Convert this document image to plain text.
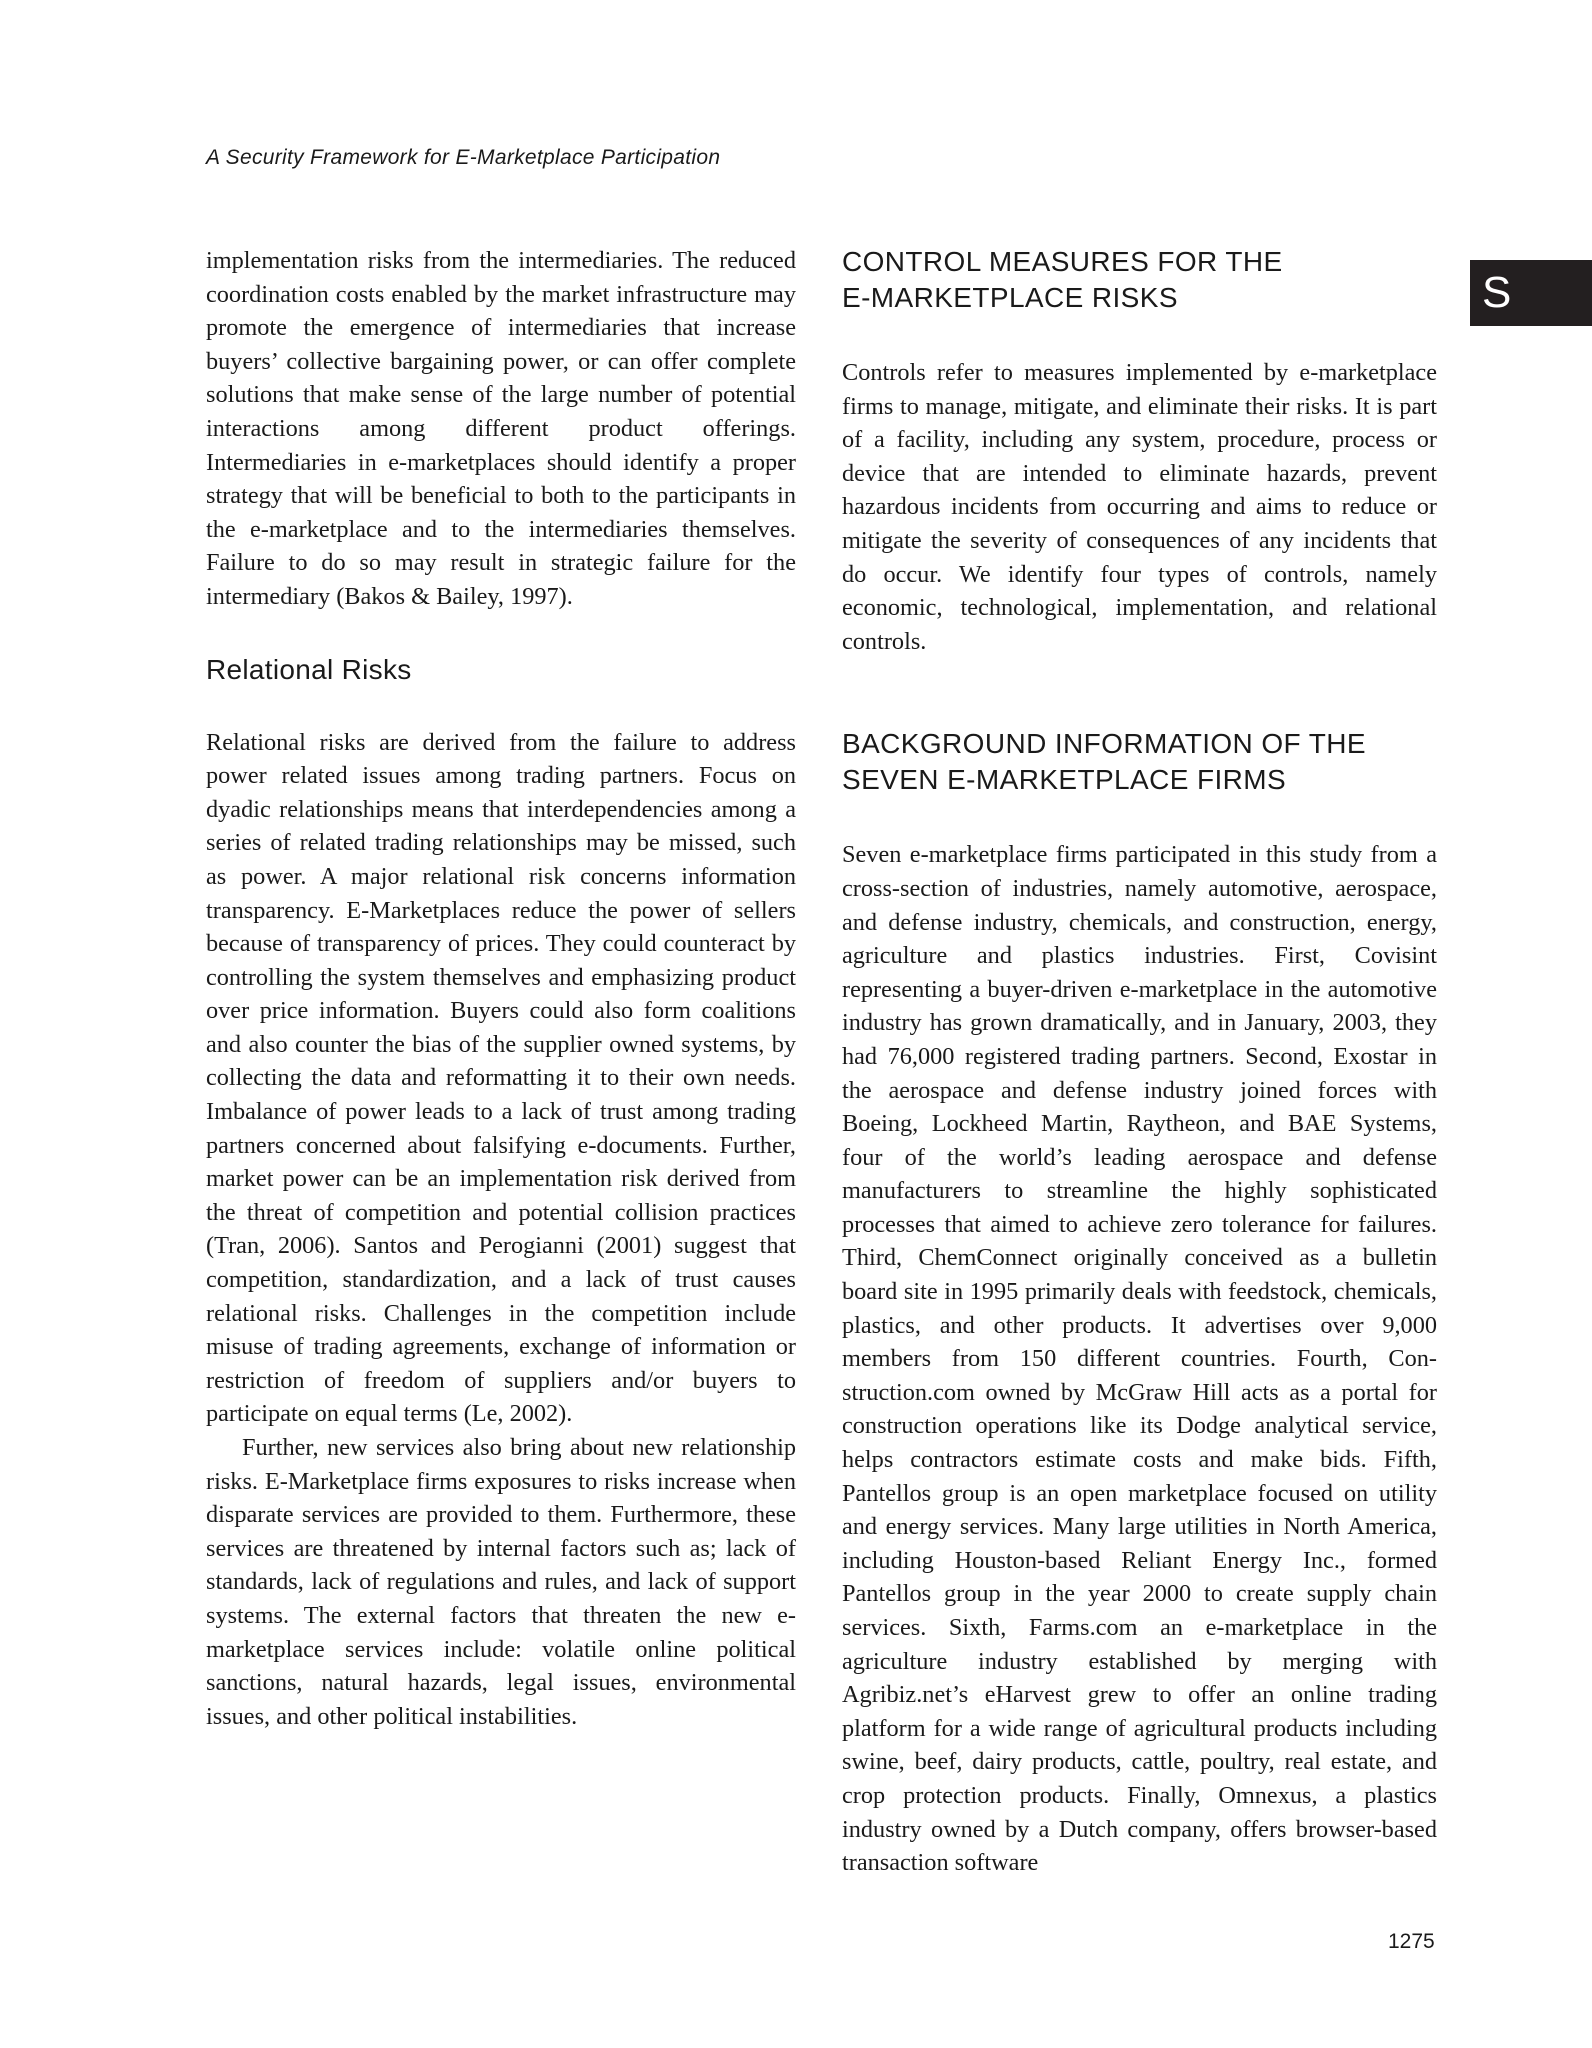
A Security Framework for E-Marketplace Participation

S

implementation risks from the intermediaries. The reduced coordination costs enabled by the market infrastructure may promote the emergence of intermediaries that increase buyers’ collective bargaining power, or can offer complete solutions that make sense of the large number of potential interactions among different product offerings. Intermediaries in e-marketplaces should identify a proper strategy that will be beneficial to both to the participants in the e-marketplace and to the intermediaries themselves. Failure to do so may result in strategic failure for the intermediary (Bakos & Bailey, 1997).

Relational Risks

Relational risks are derived from the failure to address power related issues among trading partners. Focus on dyadic relationships means that interdependencies among a series of related trading relationships may be missed, such as power. A major relational risk concerns information transparency. E-Marketplaces reduce the power of sellers because of transparency of prices. They could counteract by controlling the system themselves and emphasizing product over price information. Buyers could also form coalitions and also counter the bias of the supplier owned systems, by collecting the data and reformatting it to their own needs. Imbalance of power leads to a lack of trust among trading partners concerned about falsifying e-documents. Further, market power can be an implementation risk derived from the threat of competition and potential collision practices (Tran, 2006). Santos and Perogianni (2001) suggest that competition, standardization, and a lack of trust causes relational risks. Challenges in the competition include misuse of trading agreements, exchange of information or restriction of freedom of suppliers and/or buyers to participate on equal terms (Le, 2002).

Further, new services also bring about new relationship risks. E-Marketplace firms exposures to risks increase when disparate services are provided to them. Furthermore, these services are threatened by internal factors such as; lack of standards, lack of regulations and rules, and lack of support systems. The external factors that threaten the new e-marketplace services include: volatile online political sanctions, natural hazards, legal issues, environmental issues, and other political instabilities.

CONTROL MEASURES FOR THE
E-MARKETPLACE RISKS

Controls refer to measures implemented by e-marketplace firms to manage, mitigate, and eliminate their risks. It is part of a facility, including any system, procedure, process or device that are intended to eliminate hazards, prevent hazardous incidents from occurring and aims to reduce or mitigate the severity of consequences of any incidents that do occur. We identify four types of controls, namely economic, technological, implementation, and relational controls.

BACKGROUND INFORMATION OF THE
SEVEN E-MARKETPLACE FIRMS

Seven e-marketplace firms participated in this study from a cross-section of industries, namely automotive, aerospace, and defense industry, chemicals, and construction, energy, agriculture and plastics industries. First, Covisint representing a buyer-driven e-marketplace in the automotive industry has grown dramatically, and in January, 2003, they had 76,000 registered trading partners. Second, Exostar in the aerospace and defense industry joined forces with Boeing, Lockheed Martin, Raytheon, and BAE Systems, four of the world’s leading aerospace and defense manufacturers to streamline the highly sophisticated processes that aimed to achieve zero tolerance for failures. Third, ChemConnect originally conceived as a bulletin board site in 1995 primarily deals with feedstock, chemicals, plastics, and other products. It advertises over 9,000 members from 150 different countries. Fourth, Construction.com owned by McGraw Hill acts as a portal for construction operations like its Dodge analytical service, helps contractors estimate costs and make bids. Fifth, Pantellos group is an open marketplace focused on utility and energy services. Many large utilities in North America, including Houston-based Reliant Energy Inc., formed Pantellos group in the year 2000 to create supply chain services. Sixth, Farms.com an e-marketplace in the agriculture industry established by merging with Agribiz.net’s eHarvest grew to offer an online trading platform for a wide range of agricultural products including swine, beef, dairy products, cattle, poultry, real estate, and crop protection products. Finally, Omnexus, a plastics industry owned by a Dutch company, offers browser-based transaction software

1275
